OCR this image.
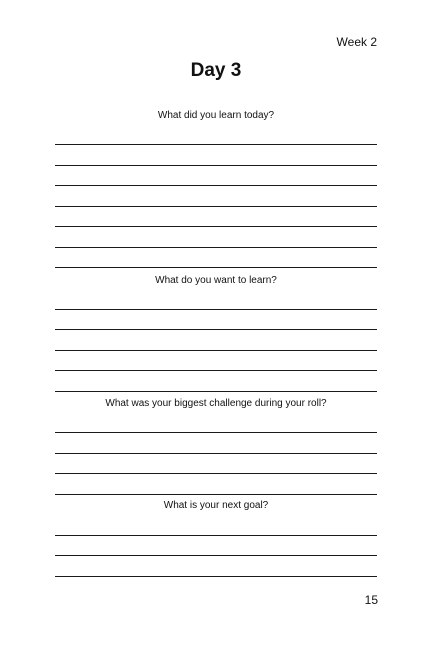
Week 2
Day 3
What did you learn today?
What do you want to learn?
What was your biggest challenge during your roll?
What is your next goal?
15
